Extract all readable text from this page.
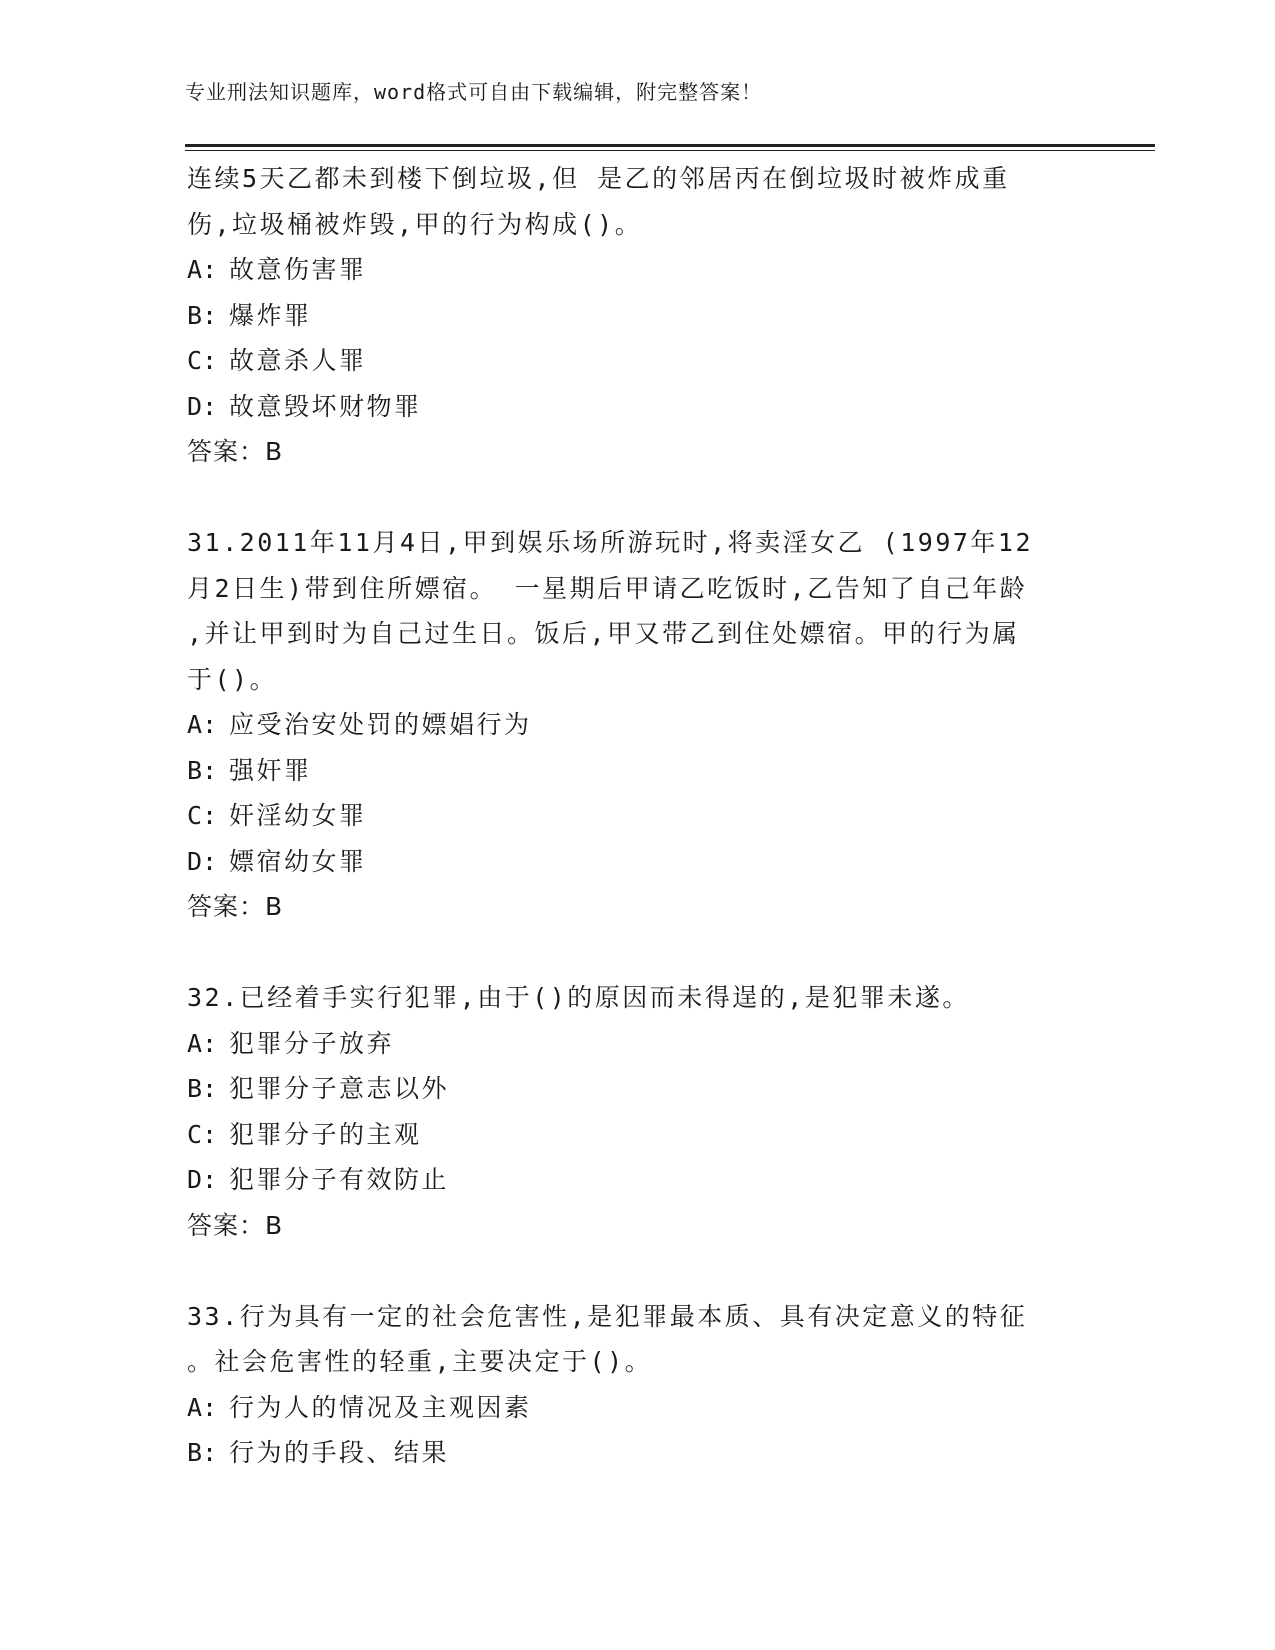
专业刑法知识题库，word格式可自由下载编辑，附完整答案！
连续5天乙都未到楼下倒垃圾,但 是乙的邻居丙在倒垃圾时被炸成重
伤,垃圾桶被炸毁,甲的行为构成()。
A: 故意伤害罪
B: 爆炸罪
C: 故意杀人罪
D: 故意毁坏财物罪
答案：B
31.2011年11月4日,甲到娱乐场所游玩时,将卖淫女乙 (1997年12
月2日生)带到住所嫖宿。 一星期后甲请乙吃饭时,乙告知了自己年龄
,并让甲到时为自己过生日。饭后,甲又带乙到住处嫖宿。甲的行为属
于()。
A: 应受治安处罚的嫖娼行为
B: 强奸罪
C: 奸淫幼女罪
D: 嫖宿幼女罪
答案：B
32.已经着手实行犯罪,由于()的原因而未得逞的,是犯罪未遂。
A: 犯罪分子放弃
B: 犯罪分子意志以外
C: 犯罪分子的主观
D: 犯罪分子有效防止
答案：B
33.行为具有一定的社会危害性,是犯罪最本质、具有决定意义的特征
。社会危害性的轻重,主要决定于()。
A: 行为人的情况及主观因素
B: 行为的手段、结果
